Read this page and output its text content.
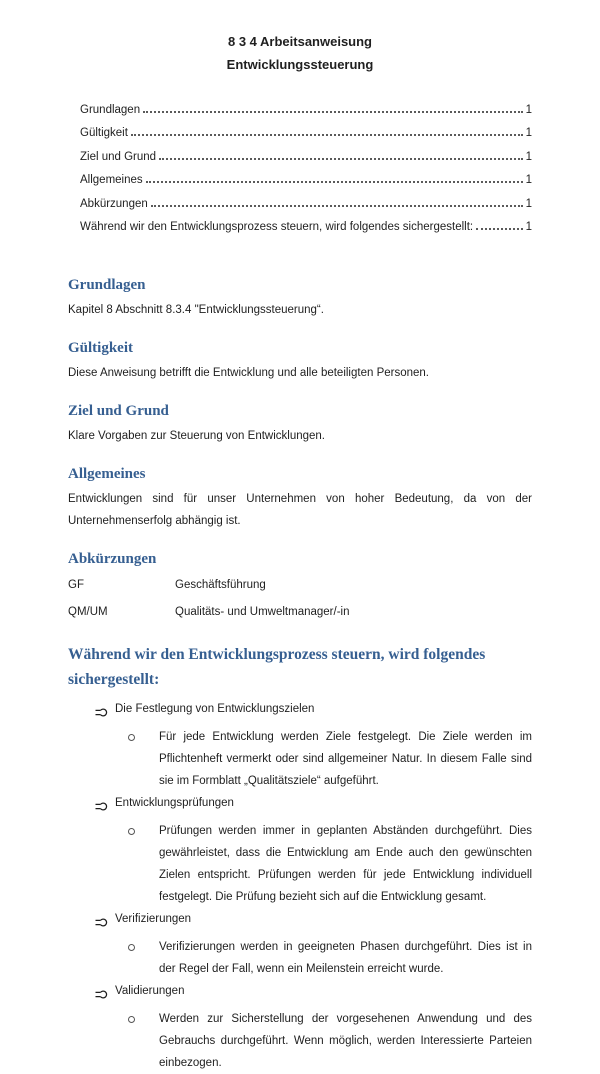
8 3 4 Arbeitsanweisung
Entwicklungssteuerung
Grundlagen	1
Gültigkeit	1
Ziel und Grund	1
Allgemeines	1
Abkürzungen	1
Während wir den Entwicklungsprozess steuern, wird folgendes sichergestellt:	1
Grundlagen

Kapitel 8 Abschnitt 8.3.4 "Entwicklungssteuerung“.

Gültigkeit

Diese Anweisung betrifft die Entwicklung und alle beteiligten Personen.

Ziel und Grund

Klare Vorgaben zur Steuerung von Entwicklungen.

Allgemeines

Entwicklungen sind für unser Unternehmen von hoher Bedeutung, da von der Unternehmenserfolg abhängig ist.

Abkürzungen
GF	Geschäftsführung
QM/UM	Qualitäts- und Umweltmanager/-in
Während wir den Entwicklungsprozess steuern, wird folgendes sichergestellt:
Die Festlegung von Entwicklungszielen

Für jede Entwicklung werden Ziele festgelegt. Die Ziele werden im Pflichtenheft vermerkt oder sind allgemeiner Natur. In diesem Falle sind sie im Formblatt „Qualitätsziele“ aufgeführt.

Entwicklungsprüfungen

Prüfungen werden immer in geplanten Abständen durchgeführt. Dies gewährleistet, dass die Entwicklung am Ende auch den gewünschten Zielen entspricht. Prüfungen werden für jede Entwicklung individuell festgelegt. Die Prüfung bezieht sich auf die Entwicklung gesamt.

Verifizierungen

Verifizierungen werden in geeigneten Phasen durchgeführt. Dies ist in der Regel der Fall, wenn ein Meilenstein erreicht wurde.

Validierungen

Werden zur Sicherstellung der vorgesehenen Anwendung und des Gebrauchs durchgeführt. Wenn möglich, werden Interessierte Parteien einbezogen.
